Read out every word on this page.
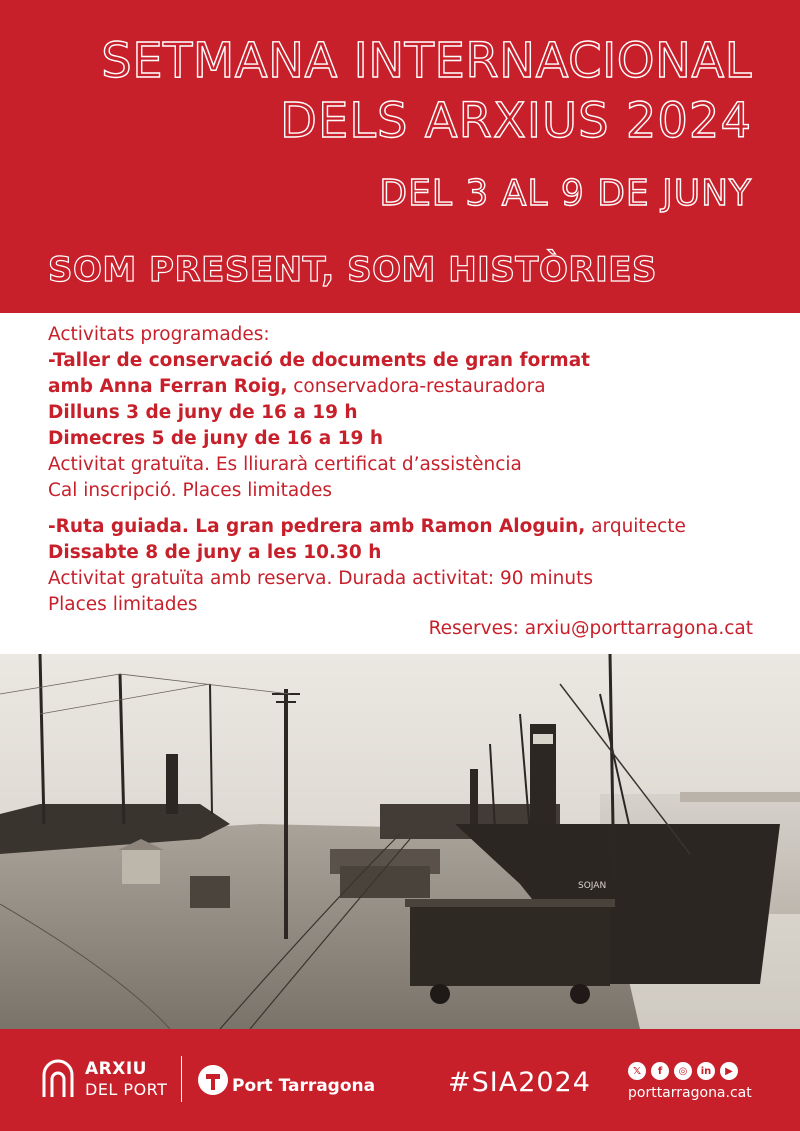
SETMANA INTERNACIONAL
DELS ARXIUS 2024
DEL 3 AL 9 DE JUNY
SOM PRESENT, SOM HISTÒRIES

Activitats programades:

-Taller de conservació de documents de gran format

amb Anna Ferran Roig, conservadora-restauradora

Dilluns 3 de juny de 16 a 19 h

Dimecres 5 de juny de 16 a 19 h

Activitat gratuïta. Es lliurarà certificat d’assistència

Cal inscripció. Places limitades

-Ruta guiada. La gran pedrera amb Ramon Aloguin, arquitecte

Dissabte 8 de juny a les 10.30 h

Activitat gratuïta amb reserva. Durada activitat: 90 minuts

Places limitades

Reserves: arxiu@porttarragona.cat

SOJAN
ARXIU
DEL PORT	Port Tarragona	#SIA2024	𝕏	f	◎	in	▶
porttarragona.cat
